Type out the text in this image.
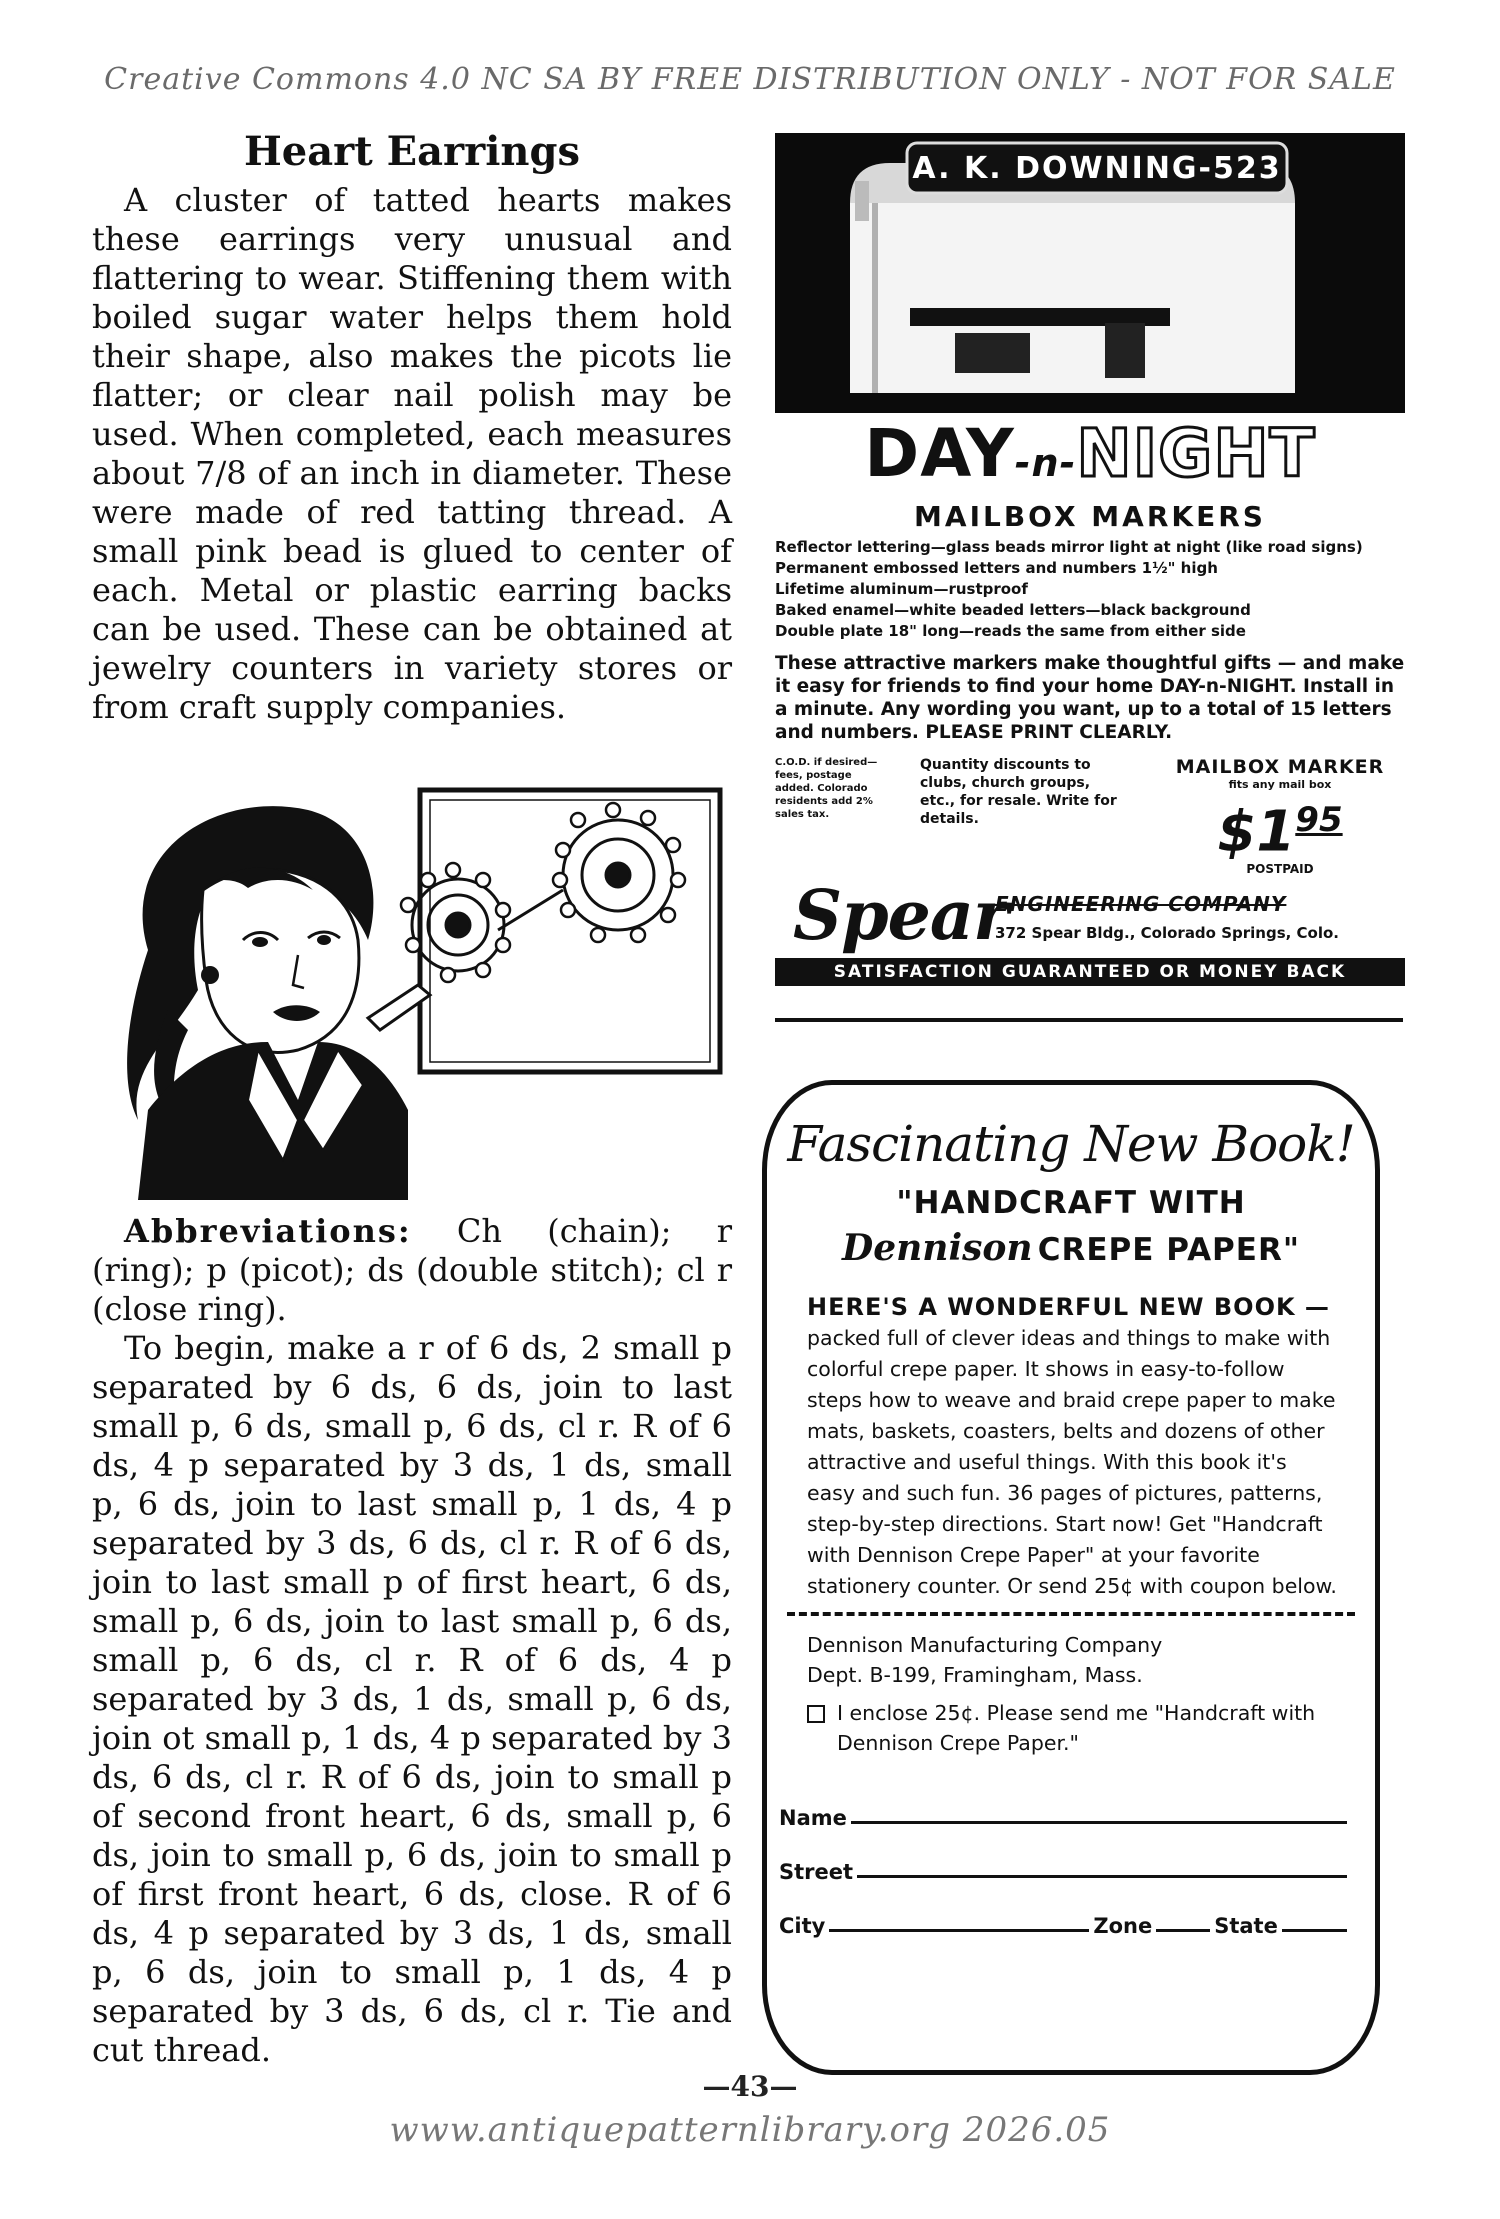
Creative Commons 4.0 NC SA BY FREE DISTRIBUTION ONLY - NOT FOR SALE
Heart Earrings

A cluster of tatted hearts makes these earrings very unusual and flattering to wear. Stiffening them with boiled sugar water helps them hold their shape, also makes the picots lie flatter; or clear nail polish may be used. When completed, each measures about 7/8 of an inch in diameter. These were made of red tatting thread. A small pink bead is glued to center of each. Metal or plastic earring backs can be used. These can be obtained at jewelry counters in variety stores or from craft supply companies.

Abbreviations: Ch (chain); r (ring); p (picot); ds (double stitch); cl r (close ring).

To begin, make a r of 6 ds, 2 small p separated by 6 ds, 6 ds, join to last small p, 6 ds, small p, 6 ds, cl r. R of 6 ds, 4 p separated by 3 ds, 1 ds, small p, 6 ds, join to last small p, 1 ds, 4 p separated by 3 ds, 6 ds, cl r. R of 6 ds, join to last small p of first heart, 6 ds, small p, 6 ds, join to last small p, 6 ds, small p, 6 ds, cl r. R of 6 ds, 4 p separated by 3 ds, 1 ds, small p, 6 ds, join ot small p, 1 ds, 4 p separated by 3 ds, 6 ds, cl r. R of 6 ds, join to small p of second front heart, 6 ds, small p, 6 ds, join to small p, 6 ds, join to small p of first front heart, 6 ds, close. R of 6 ds, 4 p separated by 3 ds, 1 ds, small p, 6 ds, join to small p, 1 ds, 4 p separated by 3 ds, 6 ds, cl r. Tie and cut thread.

A. K. DOWNING-523
DAY-n-NIGHT
MAILBOX MARKERS
Reflector lettering—glass beads mirror light at night (like road signs)
Permanent embossed letters and numbers 1½" high
Lifetime aluminum—rustproof
Baked enamel—white beaded letters—black background
Double plate 18" long—reads the same from either side
These attractive markers make thoughtful gifts — and make it easy for friends to find your home DAY-n-NIGHT. Install in a minute. Any wording you want, up to a total of 15 letters and numbers. PLEASE PRINT CLEARLY.
C.O.D. if desired—fees, postage added. Colorado residents add 2% sales tax.
Quantity discounts to clubs, church groups, etc., for resale. Write for details.
MAILBOX MARKER
fits any mail box
$\$1^{95}$
POSTPAID
Spear
ENGINEERING COMPANY
372 Spear Bldg., Colorado Springs, Colo.
SATISFACTION GUARANTEED OR MONEY BACK
Fascinating New Book!
"HANDCRAFT WITH
Dennison CREPE PAPER"
HERE'S A WONDERFUL NEW BOOK —

packed full of clever ideas and things to make with colorful crepe paper. It shows in easy-to-follow steps how to weave and braid crepe paper to make mats, baskets, coasters, belts and dozens of other attractive and useful things. With this book it's easy and such fun. 36 pages of pictures, patterns, step-by-step directions. Start now! Get "Handcraft with Dennison Crepe Paper" at your favorite stationery counter. Or send 25¢ with coupon below.

Dennison Manufacturing Company
Dept. B-199, Framingham, Mass.
I enclose 25¢. Please send me "Handcraft with Dennison Crepe Paper."
Name
Street
City	Zone	State
—43—
www.antiquepatternlibrary.org 2026.05
